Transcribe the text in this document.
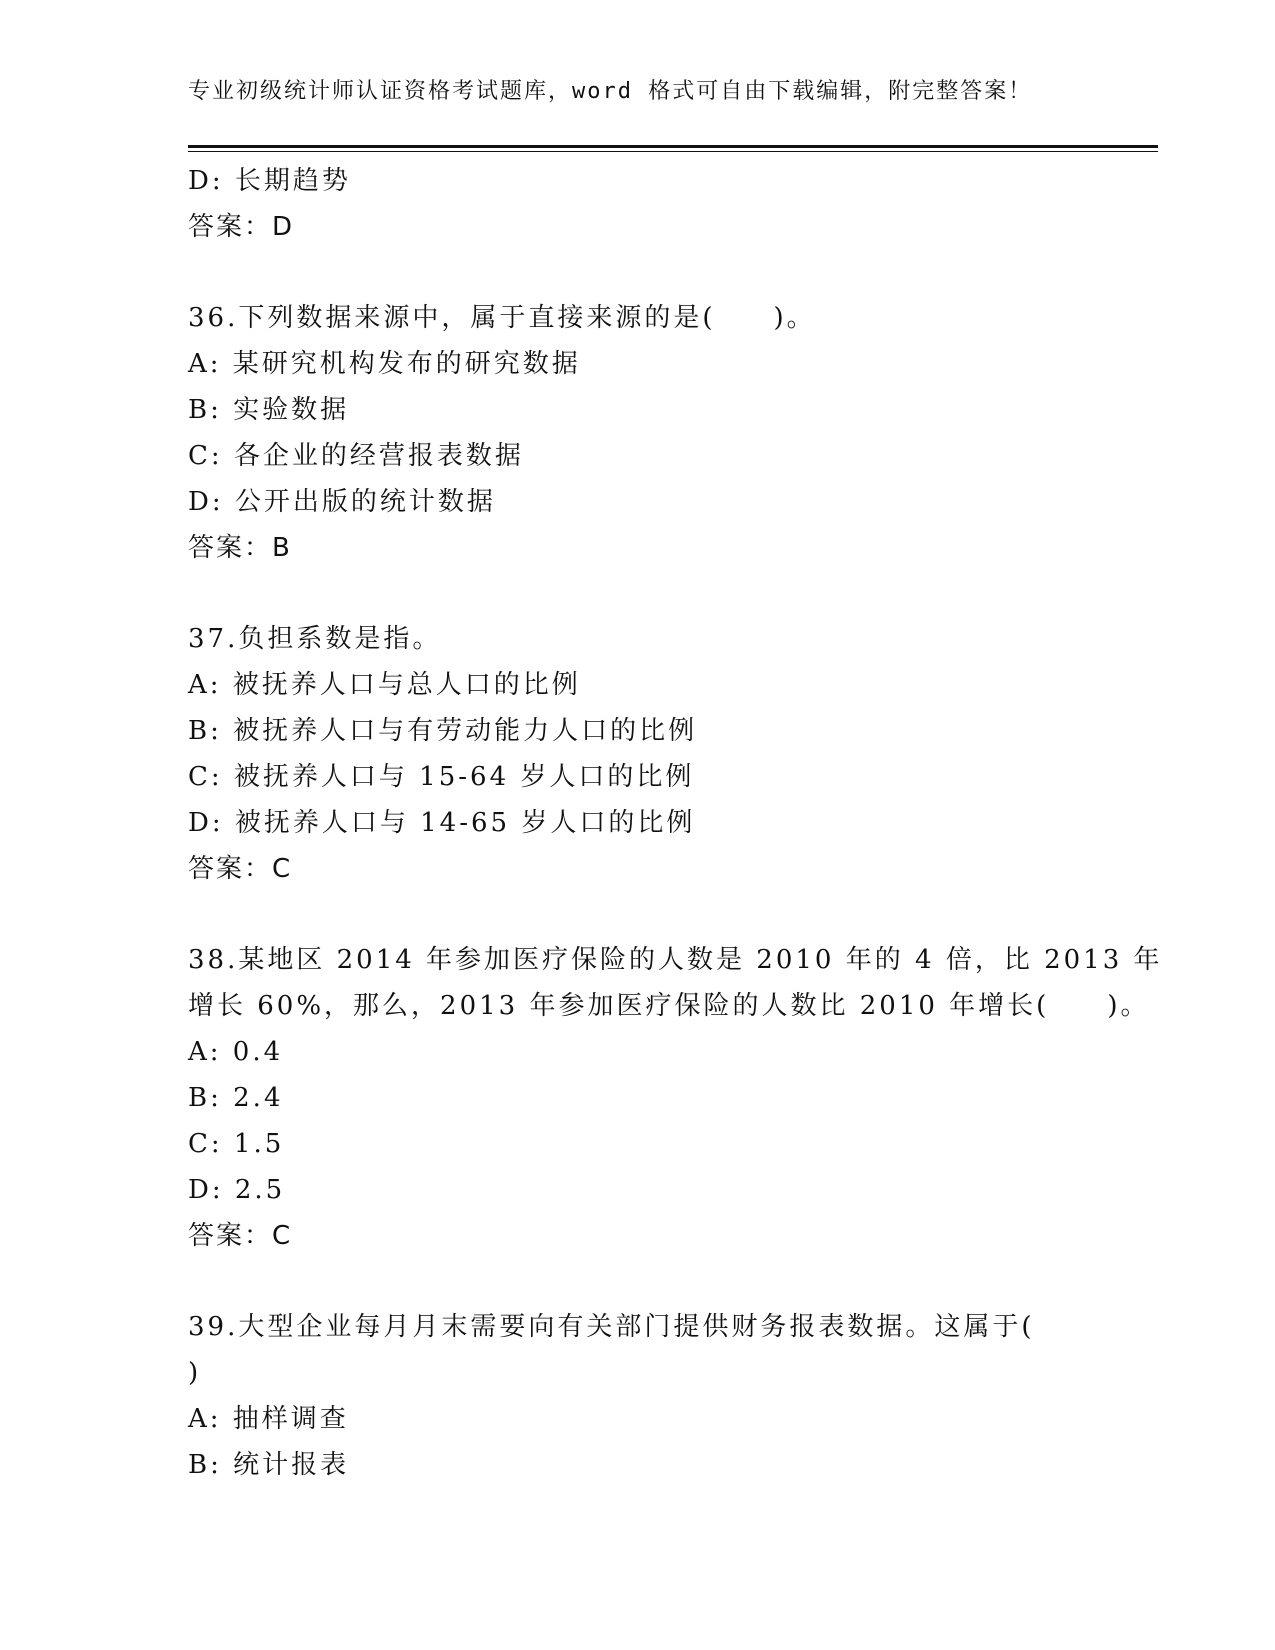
专业初级统计师认证资格考试题库，word 格式可自由下载编辑，附完整答案！
D: 长期趋势
答案：D
36.下列数据来源中，属于直接来源的是(　　)。
A: 某研究机构发布的研究数据
B: 实验数据
C: 各企业的经营报表数据
D: 公开出版的统计数据
答案：B
37.负担系数是指。
A: 被抚养人口与总人口的比例
B: 被抚养人口与有劳动能力人口的比例
C: 被抚养人口与 15-64 岁人口的比例
D: 被抚养人口与 14-65 岁人口的比例
答案：C
38.某地区 2014 年参加医疗保险的人数是 2010 年的 4 倍，比 2013 年
增长 60%，那么，2013 年参加医疗保险的人数比 2010 年增长(　　)。
A: 0.4
B: 2.4
C: 1.5
D: 2.5
答案：C
39.大型企业每月月末需要向有关部门提供财务报表数据。这属于(
)
A: 抽样调查
B: 统计报表
